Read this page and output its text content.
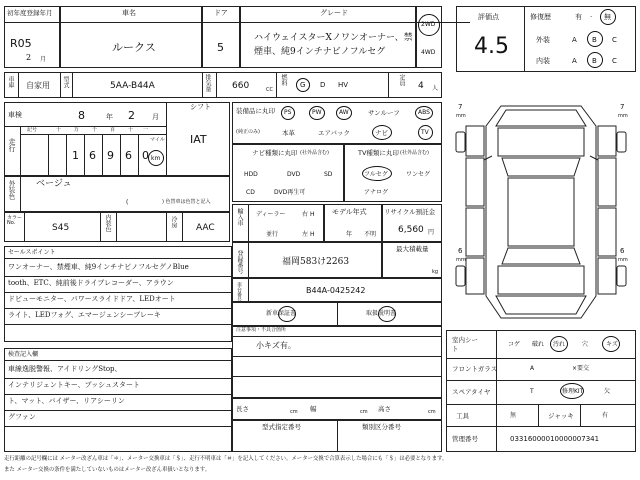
初年度登録年月
R05
2 月
車名
ルークス
ドア
5
グレード
ハイウェイスターXノワンオーナー、禁
煙車、純9インチナビノフルセグ
2WD
4WD
評価点
4.5
修復歴	有 · 無
外装	A B C
内装	A B C
車庫 自家用 型式	5AA-B44A	排気量 660	CC
燃料 G D HV	定員 4 人
車検	8	年 2 月
シフト
IAT
走行
記号	十	万	千	百	十 一
マイル
1 6 9 6 0 km
装備品に丸印
(純正のみ)
PS	PW	AW	サンルーフ	ABS
本革	エアバック	ナビ	TV
ナビ種類に丸印 (社外品含む)
HDD	DVD	SD
CD	DVD再生可
TV種類に丸印 (社外品含む)
フルセグ	ワンセグ
アナログ
外装色 ベージュ
(	) 色替車は色替と記入
カラーNo.	S45	内装色	冷房 AAC
輸入車 ディーラー
並行
右 H
左 H
モデル年式
年 不明
リサイクル預託金
6,560 円
セールスポイント
ワンオーナー、禁煙車、純9インチナビノフルセグノBlue
tooth、ETC、純前後ドライブレコーダー、アラウン
ドビューモニター、パワースライドドア、LEDオート
ライト、LEDフォグ、エマージェンシーブレーキ
最大積載量
kg
登録番号	福岡583け2263
車台番号	B44A-0425242
新車保証書	取扱説明書
注意事項・不具合箇所
小キズ有。
検査記入欄
車線逸脱警報、アイドリングStop、
インテリジェントキー、プッシュスタート
ト、マット、バイザー、リアシーリン
グファン
長さ	cm 幅	cm 高さ	cm
型式指定番号	類別区分番号
7
mm
7
mm
6
mm
6
mm
室内シート
コゲ 破れ 汚れ	穴	キズ
フロントガラス	A	×要交
スペアタイヤ	T	修理KIT	欠
工具	無	ジャッキ	有
管理番号	03316000010000007341
走行距離の記号欄には メーター改ざん車は「＊」、メーター交換車は「＄」、走行不明車は「＃」を記入してください。メーター交換で合算表示した場合にも「＄」は必要となります。
また メーター交換の条件を満たしていないものはメーター改ざん車扱いとなります。
